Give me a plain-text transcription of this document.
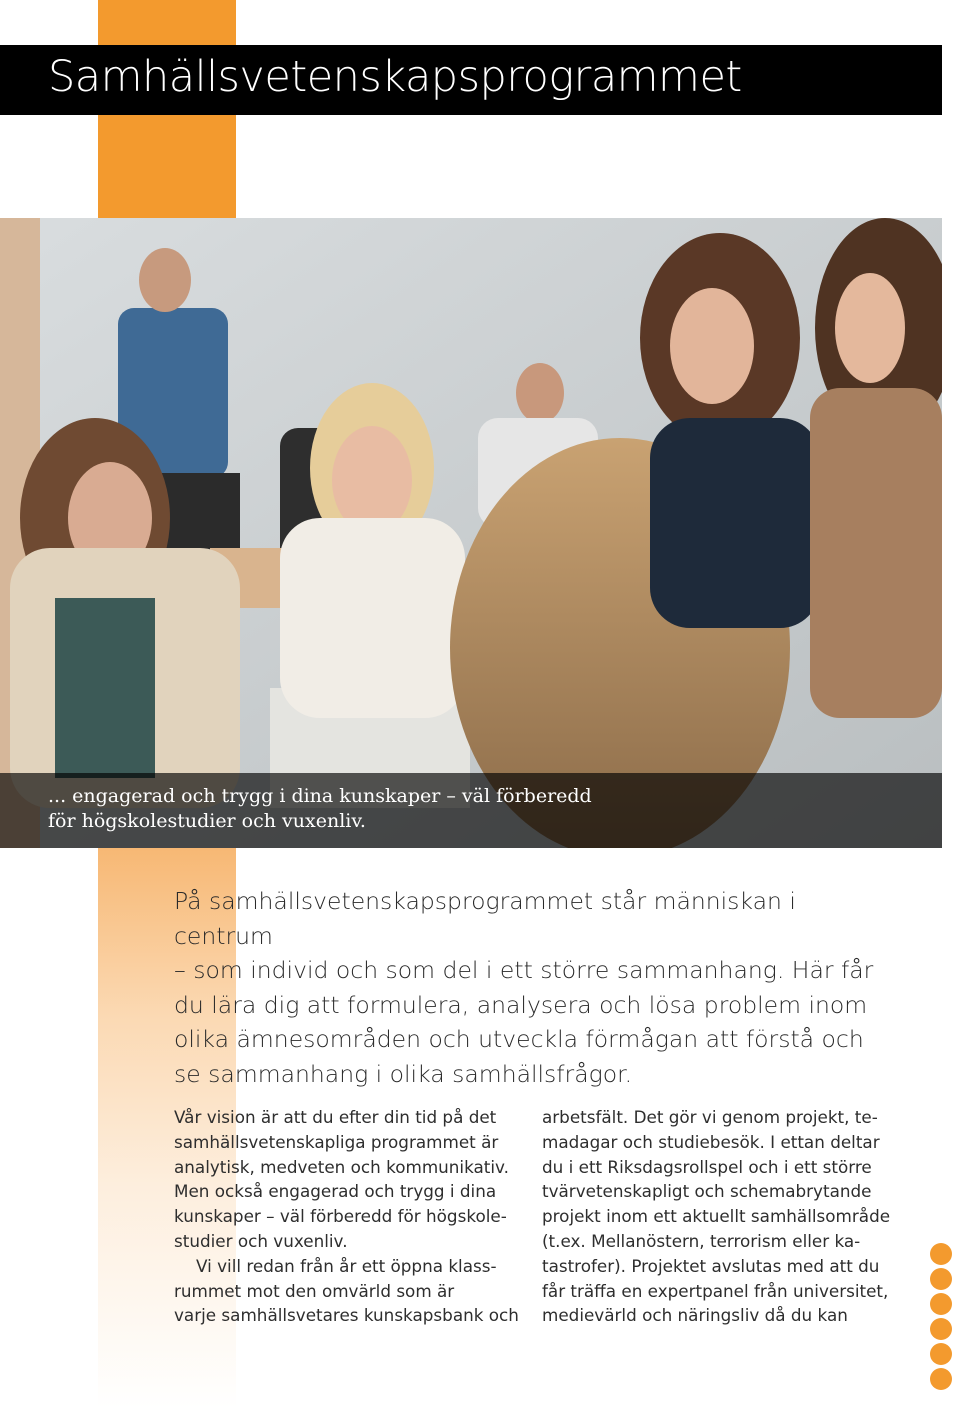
Samhällsvetenskapsprogrammet
... engagerad och trygg i dina kunskaper – väl förberedd
för högskolestudier och vuxenliv.
På samhällsvetenskapsprogrammet står människan i centrum
– som individ och som del i ett större sammanhang. Här får
du lära dig att formulera, analysera och lösa problem inom
olika ämnesområden och utveckla förmågan att förstå och
se sammanhang i olika samhällsfrågor.
Vår vision är att du efter din tid på det
samhällsvetenskapliga programmet är
analytisk, medveten och kommunikativ.
Men också engagerad och trygg i dina
kunskaper – väl förberedd för högskole-
studier och vuxenliv.
Vi vill redan från år ett öppna klass-
rummet mot den omvärld som är
varje samhällsvetares kunskapsbank och
arbetsfält. Det gör vi genom projekt, te-
madagar och studiebesök. I ettan deltar
du i ett Riksdagsrollspel och i ett större
tvärvetenskapligt och schemabrytande
projekt inom ett aktuellt samhällsområde
(t.ex. Mellanöstern, terrorism eller ka-
tastrofer). Projektet avslutas med att du
får träffa en expertpanel från universitet,
medievärld och näringsliv då du kan
